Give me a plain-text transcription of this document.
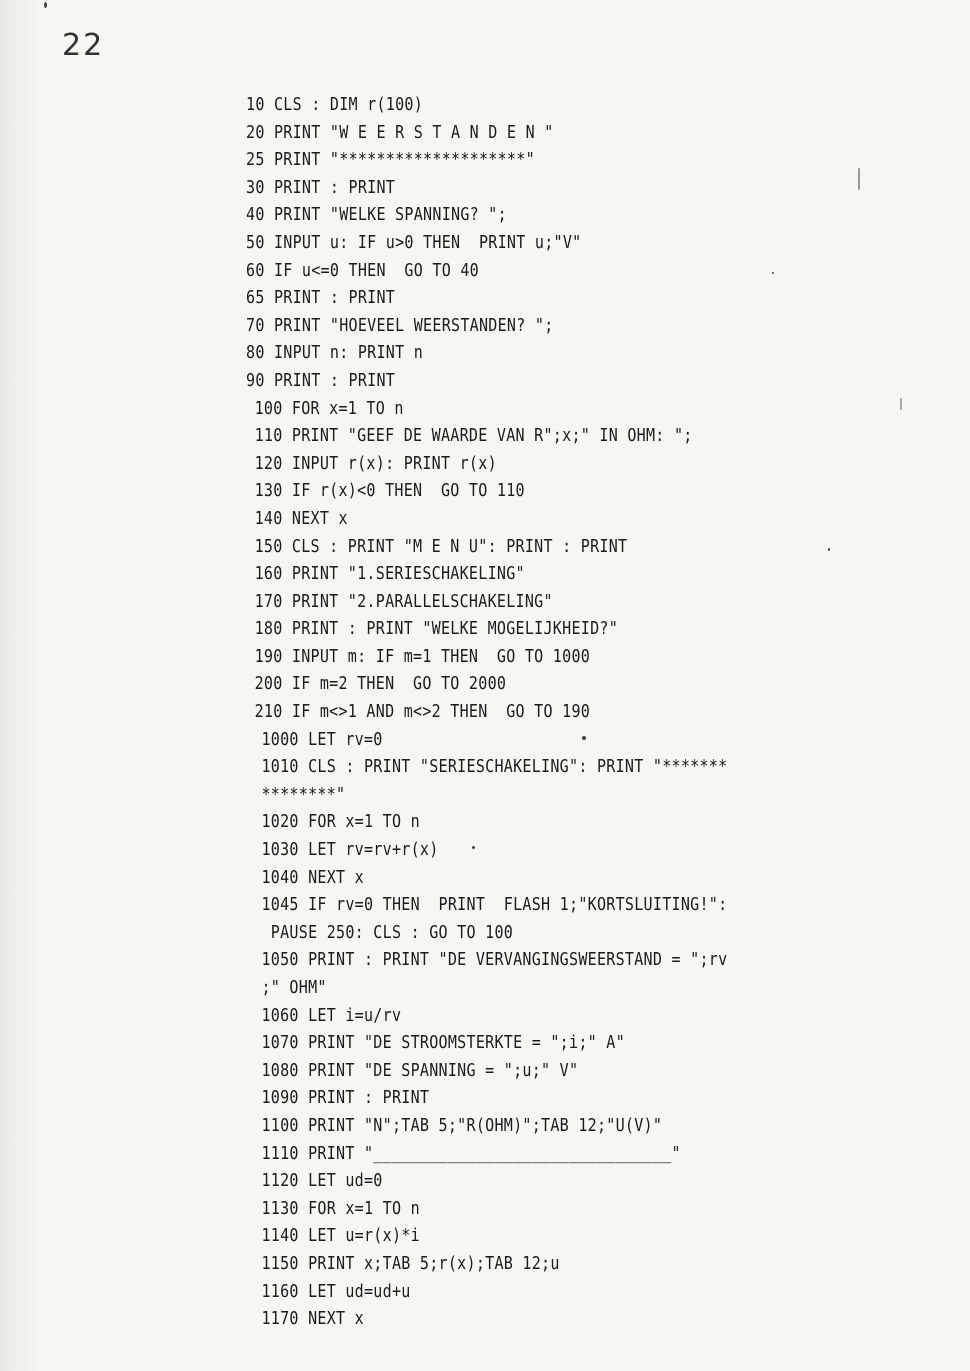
22
10 CLS : DIM r(100)
20 PRINT "W E E R S T A N D E N "
25 PRINT "********************"
30 PRINT : PRINT
40 PRINT "WELKE SPANNING? ";
50 INPUT u: IF u>0 THEN  PRINT u;"V"
60 IF u<=0 THEN  GO TO 40
65 PRINT : PRINT
70 PRINT "HOEVEEL WEERSTANDEN? ";
80 INPUT n: PRINT n
90 PRINT : PRINT
100 FOR x=1 TO n
110 PRINT "GEEF DE WAARDE VAN R";x;" IN OHM: ";
120 INPUT r(x): PRINT r(x)
130 IF r(x)<0 THEN  GO TO 110
140 NEXT x
150 CLS : PRINT "M E N U": PRINT : PRINT
160 PRINT "1.SERIESCHAKELING"
170 PRINT "2.PARALLELSCHAKELING"
180 PRINT : PRINT "WELKE MOGELIJKHEID?"
190 INPUT m: IF m=1 THEN  GO TO 1000
200 IF m=2 THEN  GO TO 2000
210 IF m<>1 AND m<>2 THEN  GO TO 190
1000 LET rv=0
1010 CLS : PRINT "SERIESCHAKELING": PRINT "*******
********"
1020 FOR x=1 TO n
1030 LET rv=rv+r(x)
1040 NEXT x
1045 IF rv=0 THEN  PRINT  FLASH 1;"KORTSLUITING!":
PAUSE 250: CLS : GO TO 100
1050 PRINT : PRINT "DE VERVANGINGSWEERSTAND = ";rv
;" OHM"
1060 LET i=u/rv
1070 PRINT "DE STROOMSTERKTE = ";i;" A"
1080 PRINT "DE SPANNING = ";u;" V"
1090 PRINT : PRINT
1100 PRINT "N";TAB 5;"R(OHM)";TAB 12;"U(V)"
1110 PRINT "________________________________"
1120 LET ud=0
1130 FOR x=1 TO n
1140 LET u=r(x)*i
1150 PRINT x;TAB 5;r(x);TAB 12;u
1160 LET ud=ud+u
1170 NEXT x
